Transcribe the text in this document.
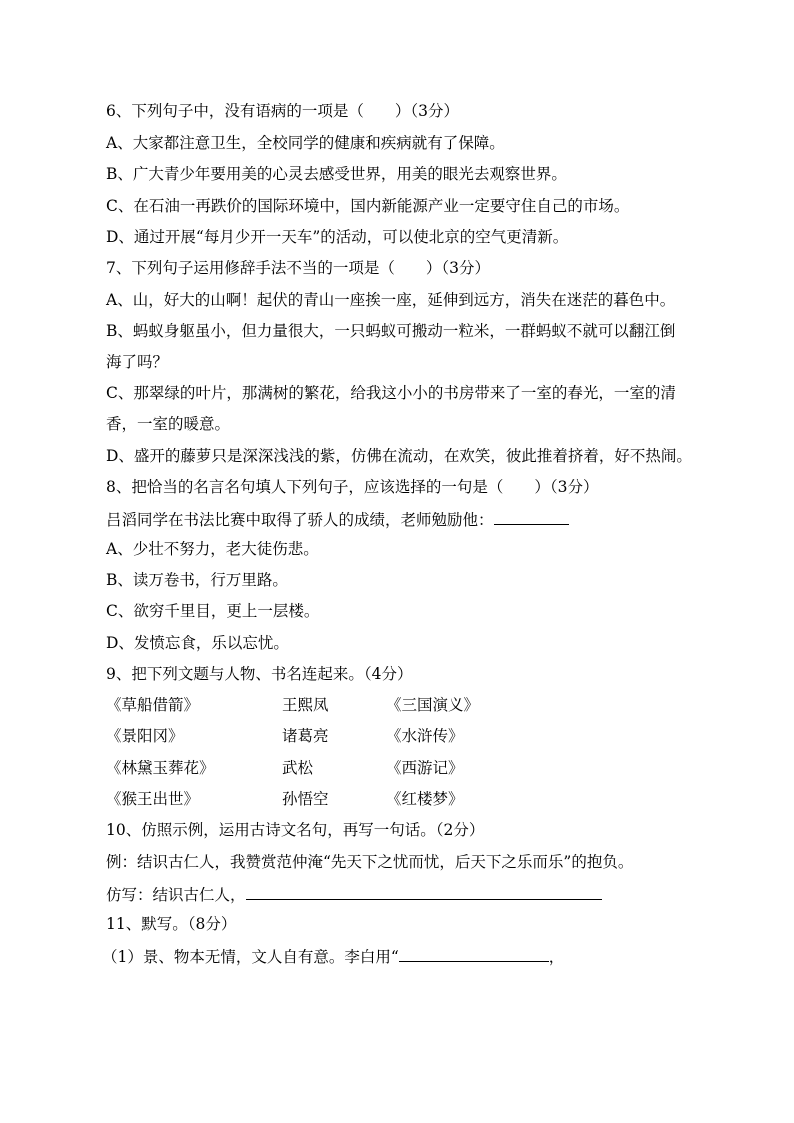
6、下列句子中，没有语病的一项是（　　）（3分）
A、大家都注意卫生，全校同学的健康和疾病就有了保障。
B、广大青少年要用美的心灵去感受世界，用美的眼光去观察世界。
C、在石油一再跌价的国际环境中，国内新能源产业一定要守住自己的市场。
D、通过开展“每月少开一天车”的活动，可以使北京的空气更清新。
7、下列句子运用修辞手法不当的一项是（　　）（3分）
A、山，好大的山啊！起伏的青山一座挨一座，延伸到远方，消失在迷茫的暮色中。
B、蚂蚁身躯虽小，但力量很大，一只蚂蚁可搬动一粒米，一群蚂蚁不就可以翻江倒
海了吗？
C、那翠绿的叶片，那满树的繁花，给我这小小的书房带来了一室的春光，一室的清
香，一室的暖意。
D、盛开的藤萝只是深深浅浅的紫，仿佛在流动，在欢笑，彼此推着挤着，好不热闹。
8、把恰当的名言名句填人下列句子，应该选择的一句是（　　）（3分）
吕滔同学在书法比赛中取得了骄人的成绩，老师勉励他：
A、少壮不努力，老大徒伤悲。
B、读万卷书，行万里路。
C、欲穷千里目，更上一层楼。
D、发愤忘食，乐以忘忧。
9、把下列文题与人物、书名连起来。（4分）
《草船借箭》	王熙凤	《三国演义》
《景阳冈》	诸葛亮	《水浒传》
《林黛玉葬花》	武松	《西游记》
《猴王出世》	孙悟空	《红楼梦》
10、仿照示例，运用古诗文名句，再写一句话。（2分）
例：结识古仁人，我赞赏范仲淹“先天下之忧而忧，后天下之乐而乐”的抱负。
仿写：结识古仁人，
11、默写。（8分）
（1）景、物本无情，文人自有意。李白用“	，
